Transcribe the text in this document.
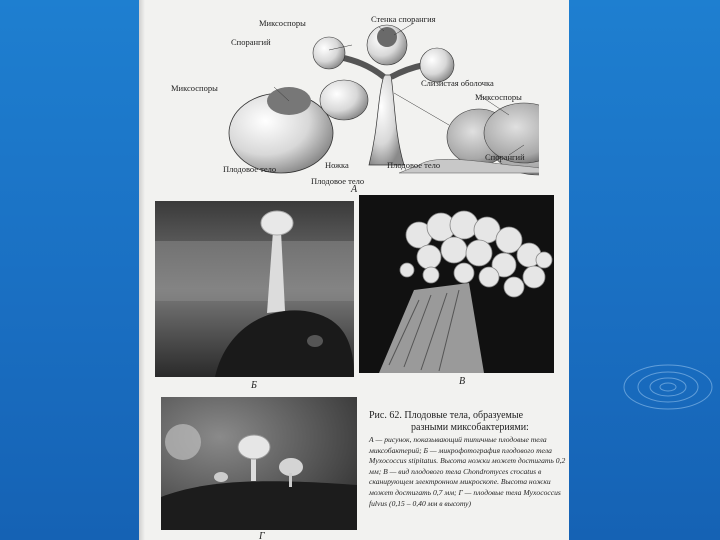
Миксоспоры	Стенка спорангия
Спорангий
Миксоспоры	Слизистая оболочка
Миксоспоры
Спорангий
Плодовое тело	Ножка	Плодовое тело
Плодовое тело
А
Б	В
Г
Рис. 62. Плодовые тела, образуемые
разными миксобактериями:
А — рисунок, показывающий типичные плодовые тела миксобактерий; Б — микрофотография плодового тела Myxococcus stipitatus. Высота ножки может достигать 0,2 мм; В — вид плодового тела Chondromyces crocatus в сканирующем электронном микроскопе. Высота ножки может достигать 0,7 мм; Г — плодовые тела Myxococcus fulvus (0,15 – 0,40 мм в высоту)
